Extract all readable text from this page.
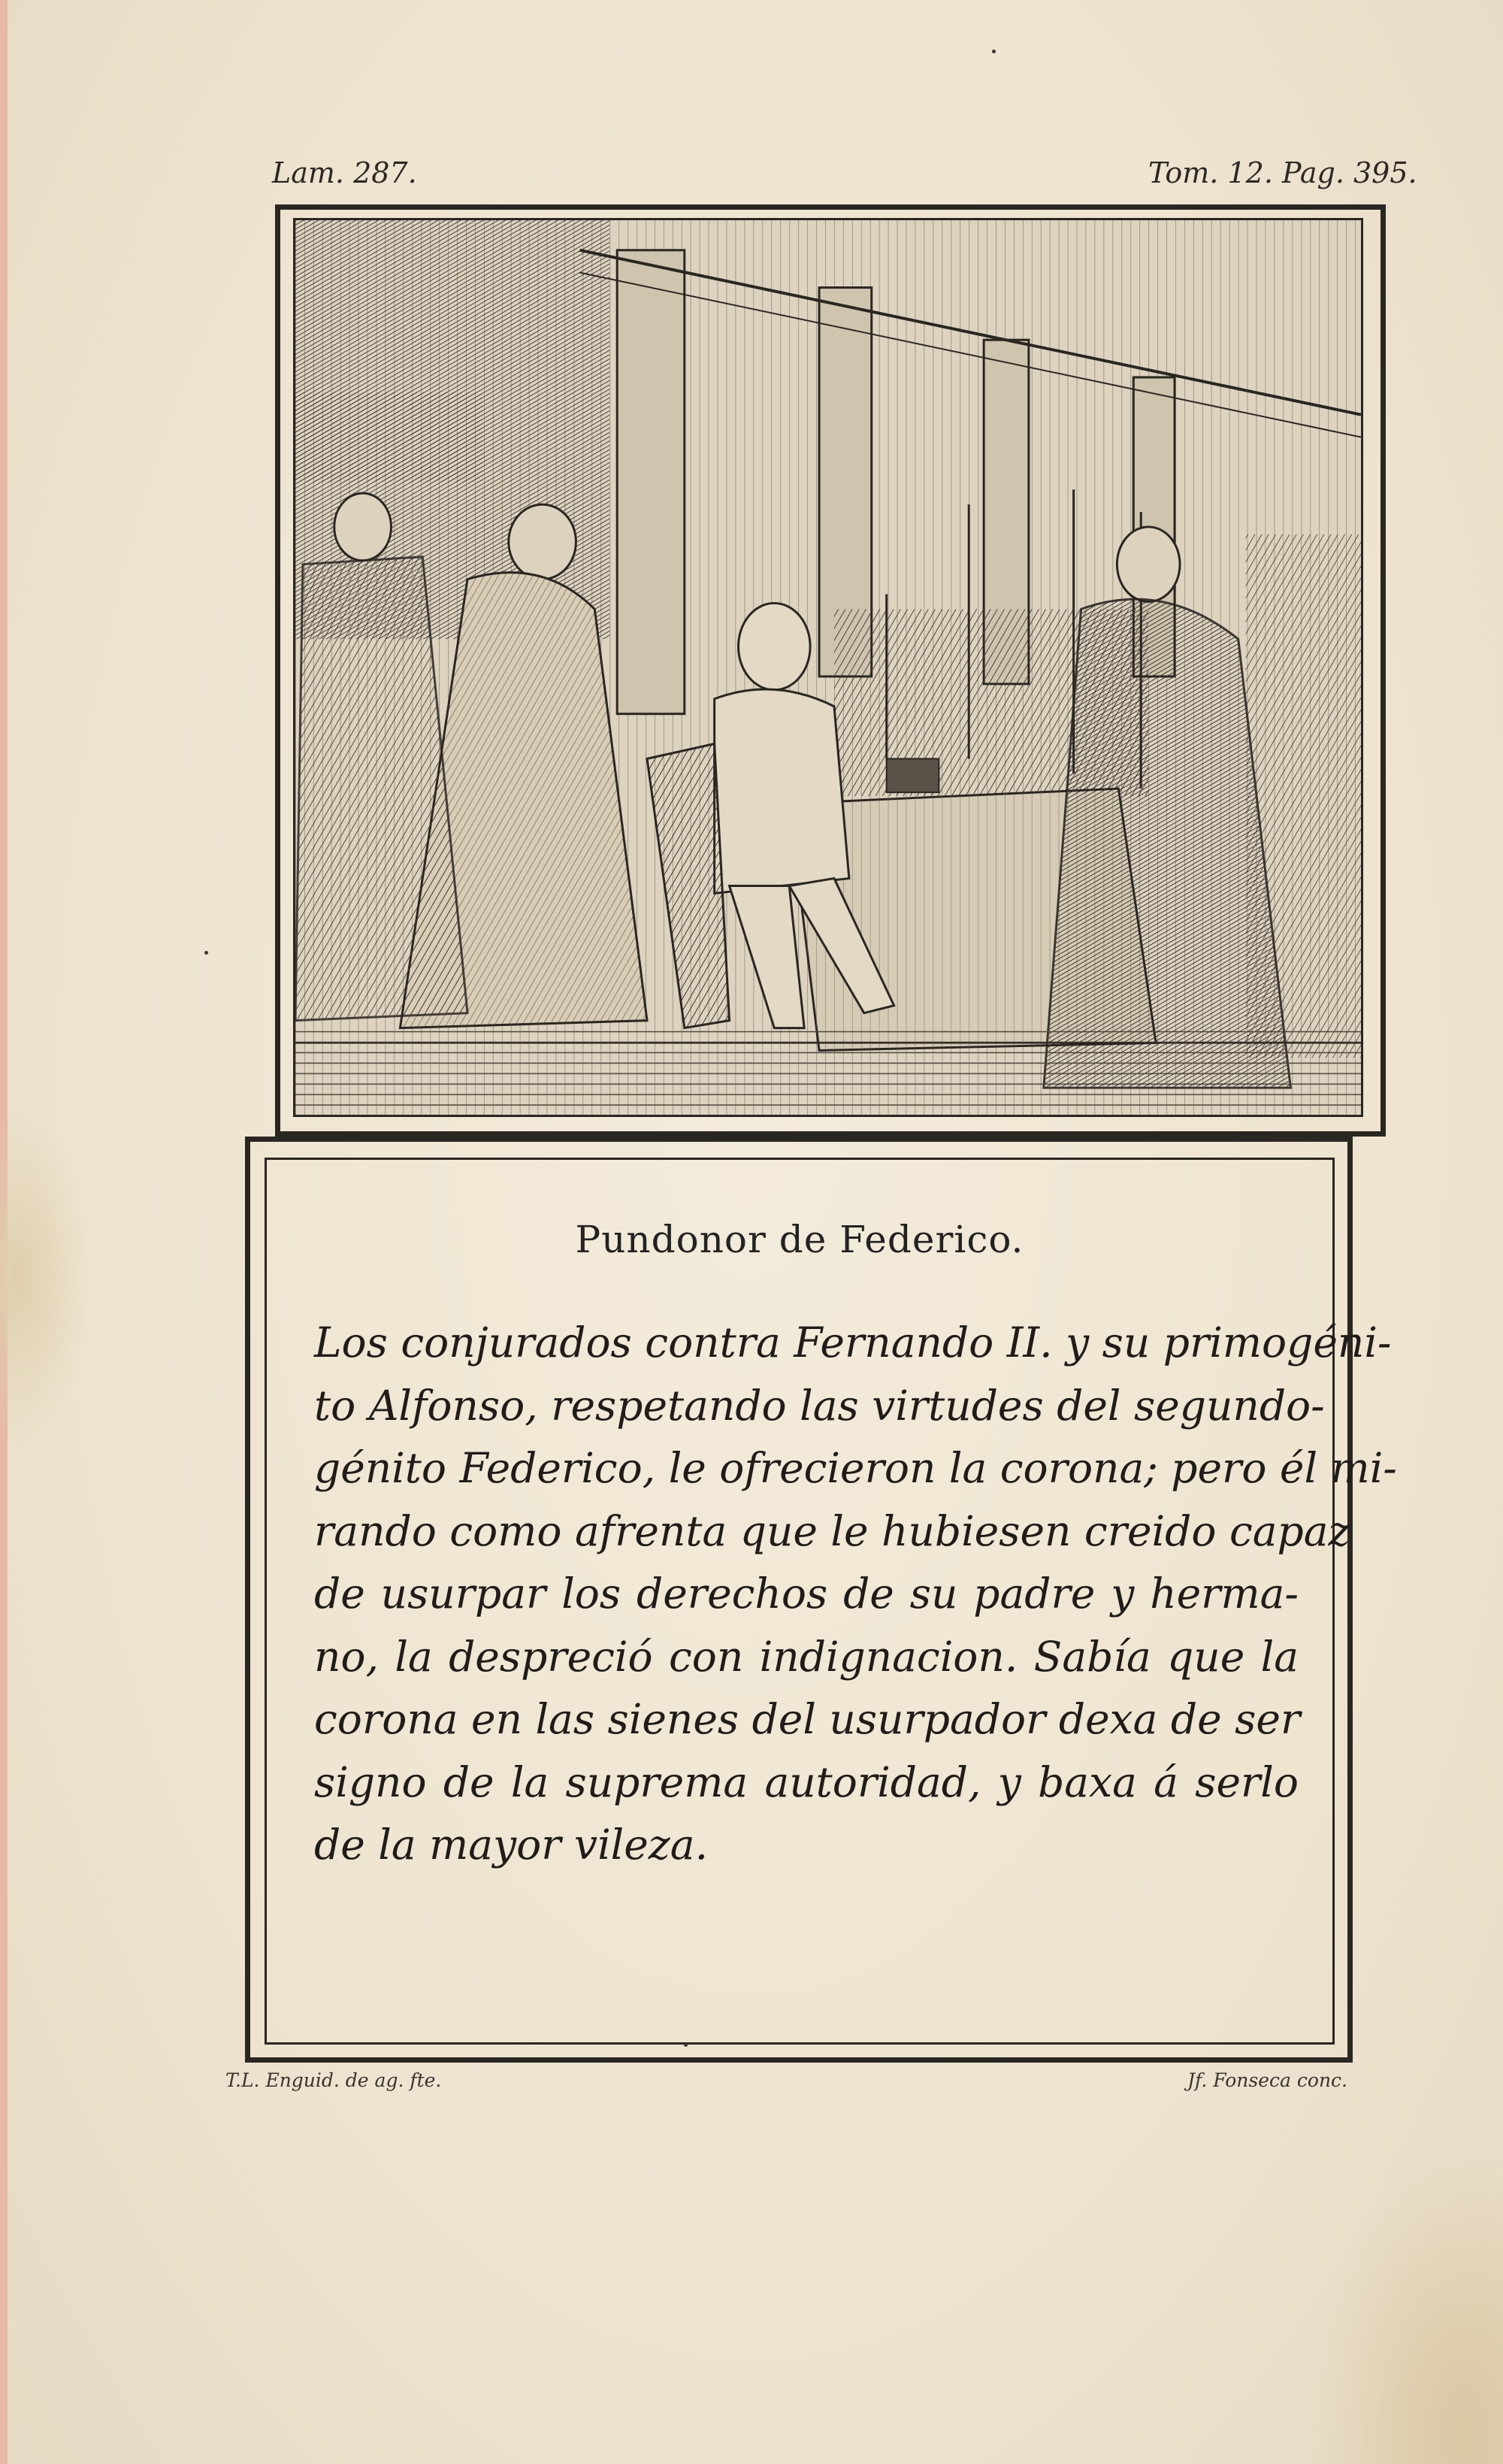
Lam. 287.	Tom. 12. Pag. 395.
Pundonor de Federico.
Los conjurados contra Fernando II. y su primogéni-
to Alfonso, respetando las virtudes del segundo-
génito Federico, le ofrecieron la corona; pero él mi-
rando como afrenta que le hubiesen creido capaz
de usurpar los derechos de su padre y herma-
no, la despreció con indignacion. Sabía que la
corona en las sienes del usurpador dexa de ser
signo de la suprema autoridad, y baxa á serlo
de la mayor vileza.
T.L. Enguid. de ag. fte.	Jf. Fonseca conc.
